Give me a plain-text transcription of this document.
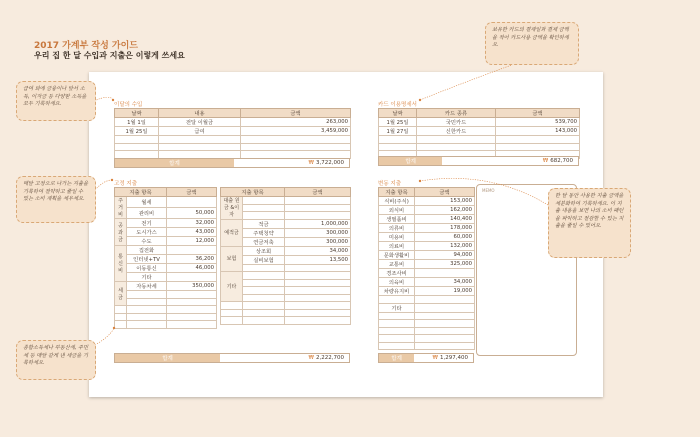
2017 가계부 작성 가이드
우리 집 한 달 수입과 지출은 이렇게 쓰세요
이달의 수입
날짜	내용	금액
1월 1일	전달 이월금	263,000
1월 25일	급여	3,459,000

합계	₩ 3,722,000
카드 이용명세서
날짜	카드 종류	금액
1월 25일	국민카드	539,700
1월 27일	신한카드	143,000

합계	₩ 682,700
고정 지출
지출 항목		금액
주거비	월세	
	관리비	50,000
공과금	전기	32,000
	도시가스	43,000
	수도	12,000
통신비	집전화	
	인터넷+TV	36,200
	이동통신	46,000
	기타	
세금	자동차세	350,000

지출 항목		금액
대출 원금 &이자		

예적금	적금	1,000,000
	주택청약	300,000
	연금저축	300,000
보험	상조회	34,000
	실비보험	13,500

기타		

합계	₩ 2,222,700
변동 지출
지출 항목	금액
식비(주식)	153,000
외식비	162,000
생필품비	140,400
의류비	178,000
미용비	60,000
의료비	132,000
문화생활비	94,000
교통비	325,000
경조사비	
의육비	34,000
차량유지비	19,000

기타	

합계	₩ 1,297,400
MEMO
급여 외에 금융이나 앞서 소득, 이자금 등 다양한 소득을 모두 기록하세요.
매달 고정으로 나가는 지출을 기록하여 절약하고 줄일 수 있는 소비 계획을 세우세요.
종합소득세나 부동산세, 주민세 등 매달 같게 낸 세금을 기록하세요.
보유한 카드의 결제일과 결제 금액을 적어 카드사용 금액을 확인하세요.
한 달 동안 사용한 지출 금액을 세분화하여 기록하세요. 이 지출 내용을 보면 나의 소비 패턴을 파악하고 절감할 수 있는 지출을 줄일 수 있어요.
